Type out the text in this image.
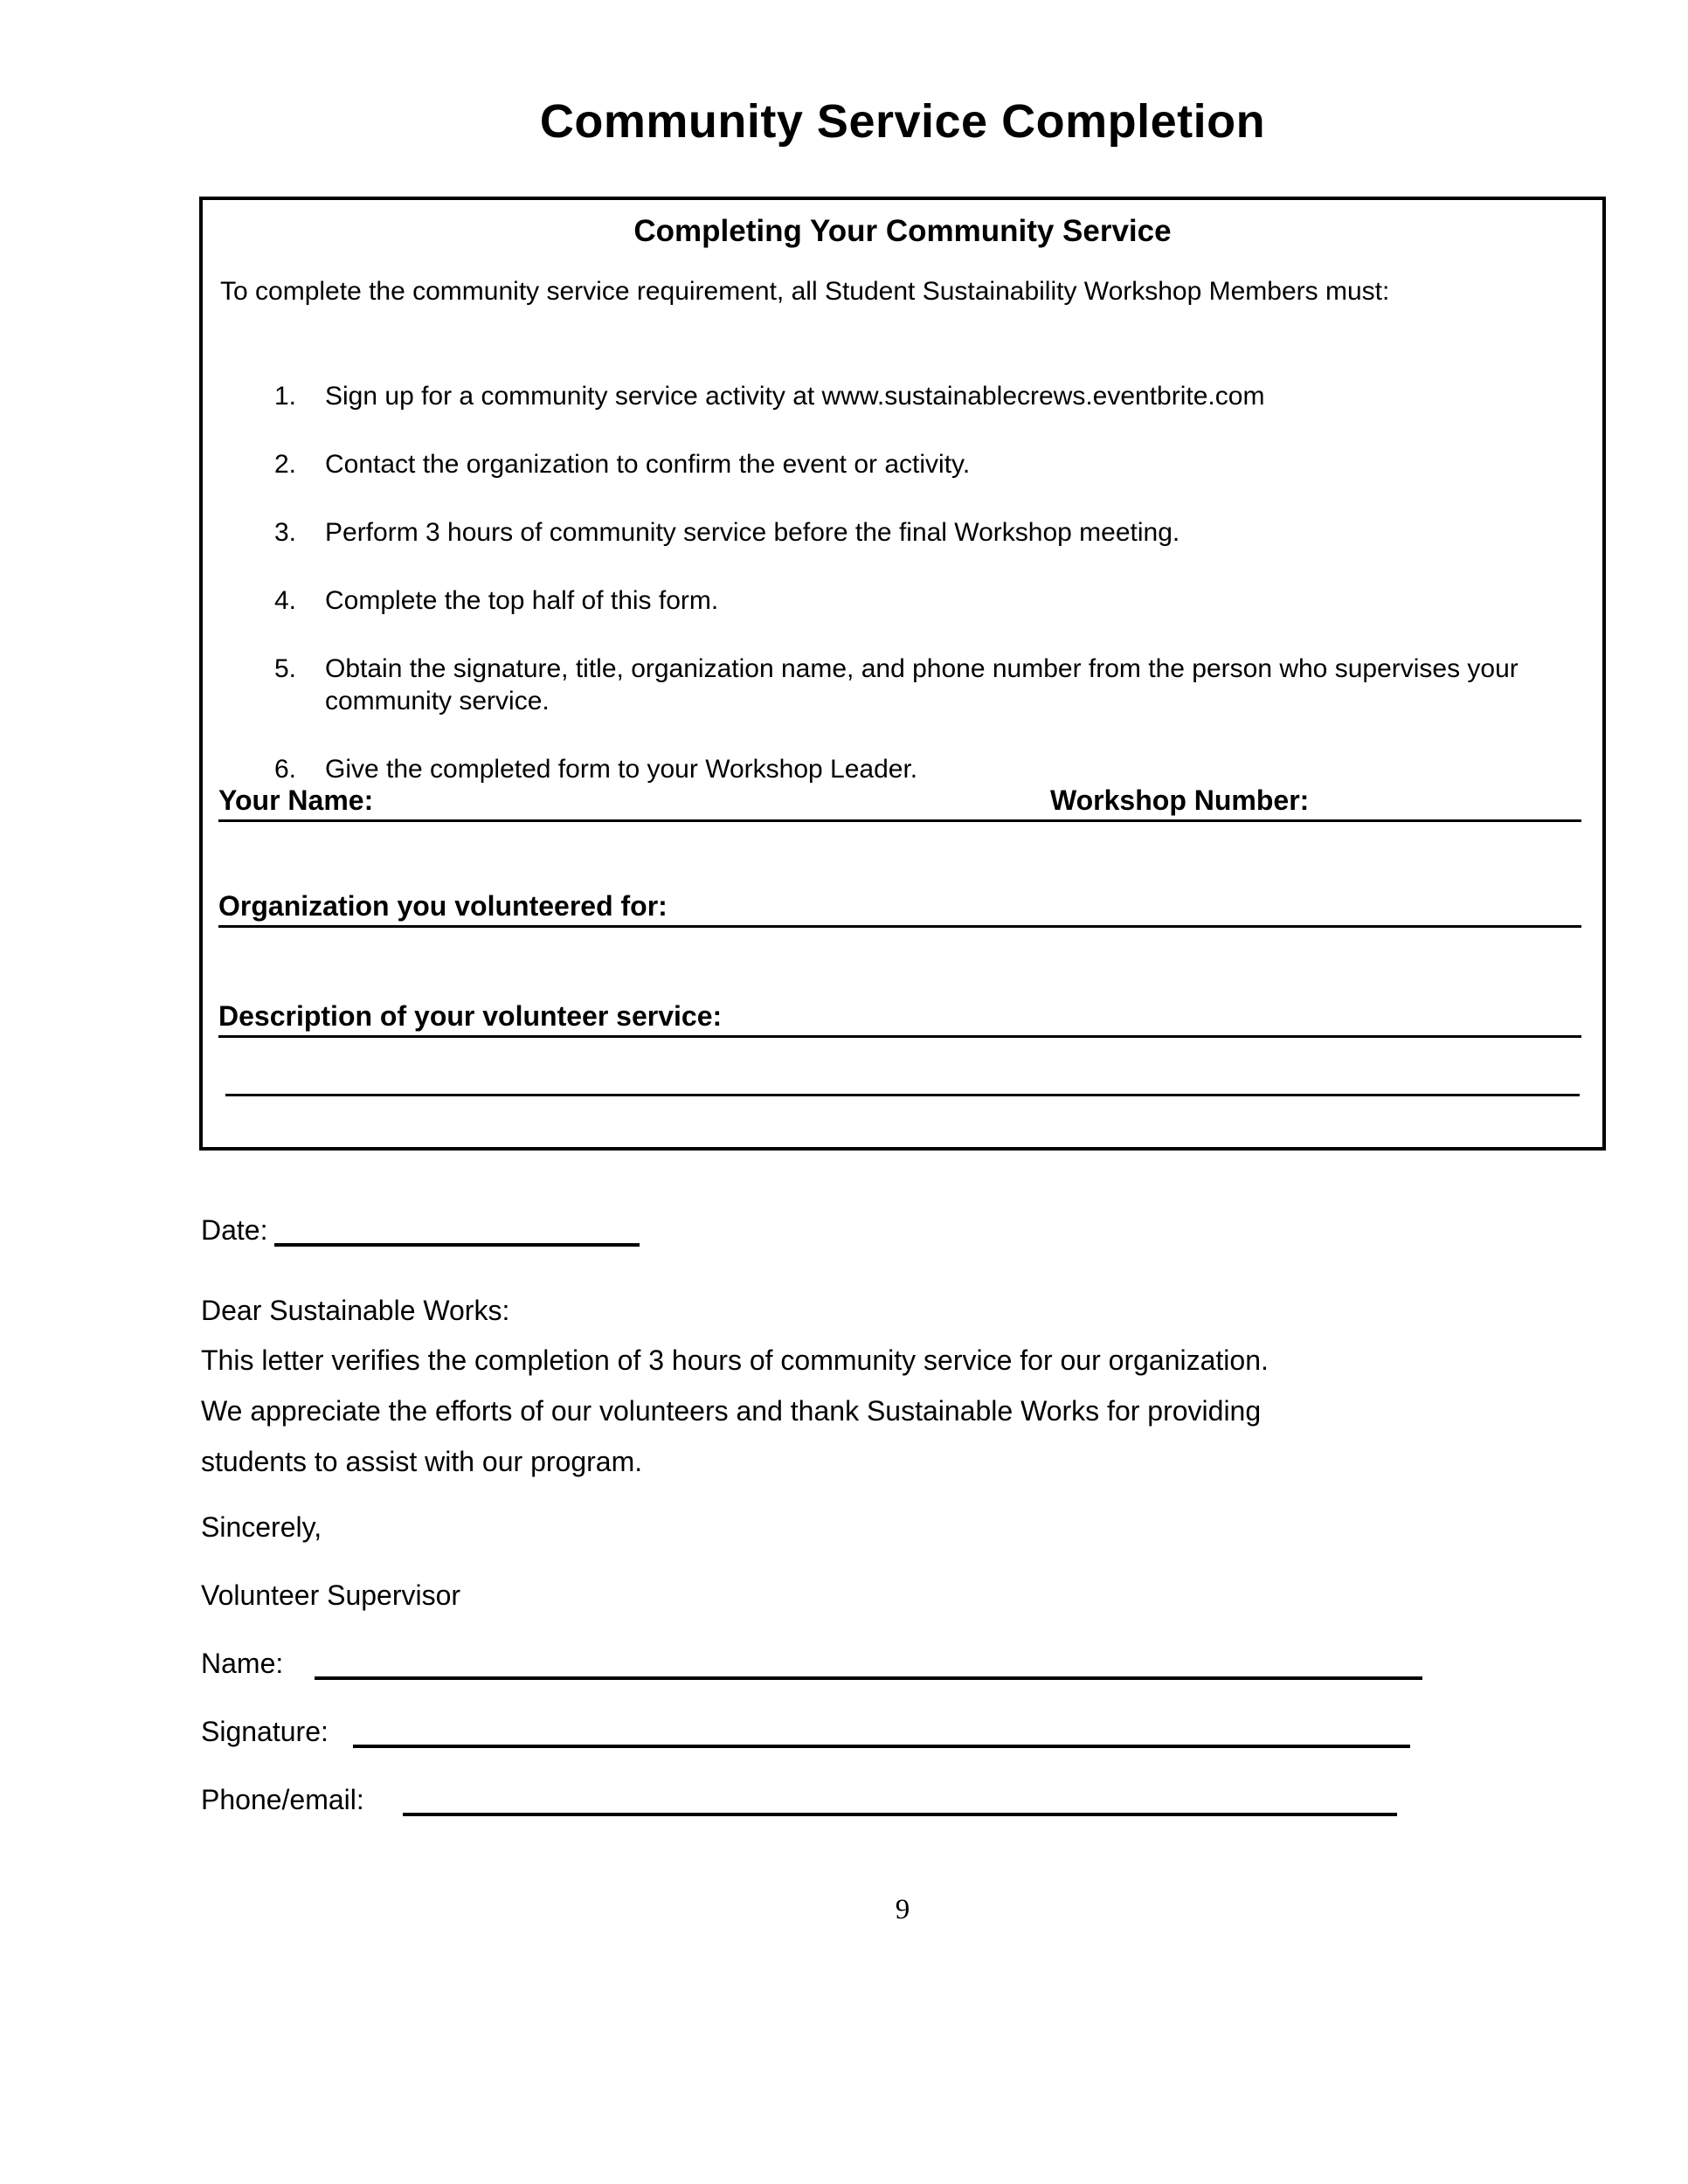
Community Service Completion
Completing Your Community Service
To complete the community service requirement, all Student Sustainability Workshop Members must:
1.	Sign up for a community service activity at www.sustainablecrews.eventbrite.com
2.	Contact the organization to confirm the event or activity.
3.	Perform 3 hours of community service before the final Workshop meeting.
4.	Complete the top half of this form.
5.	Obtain the signature, title, organization name, and phone number from the person who supervises your community service.
6.	Give the completed form to your Workshop Leader.
Your Name:	Workshop Number:
Organization you volunteered for:
Description of your volunteer service:
Date:
Dear Sustainable Works:
This letter verifies the completion of 3 hours of community service for our organization.
We appreciate the efforts of our volunteers and thank Sustainable Works for providing
students to assist with our program.
Sincerely,
Volunteer Supervisor
Name:
Signature:
Phone/email:
9
